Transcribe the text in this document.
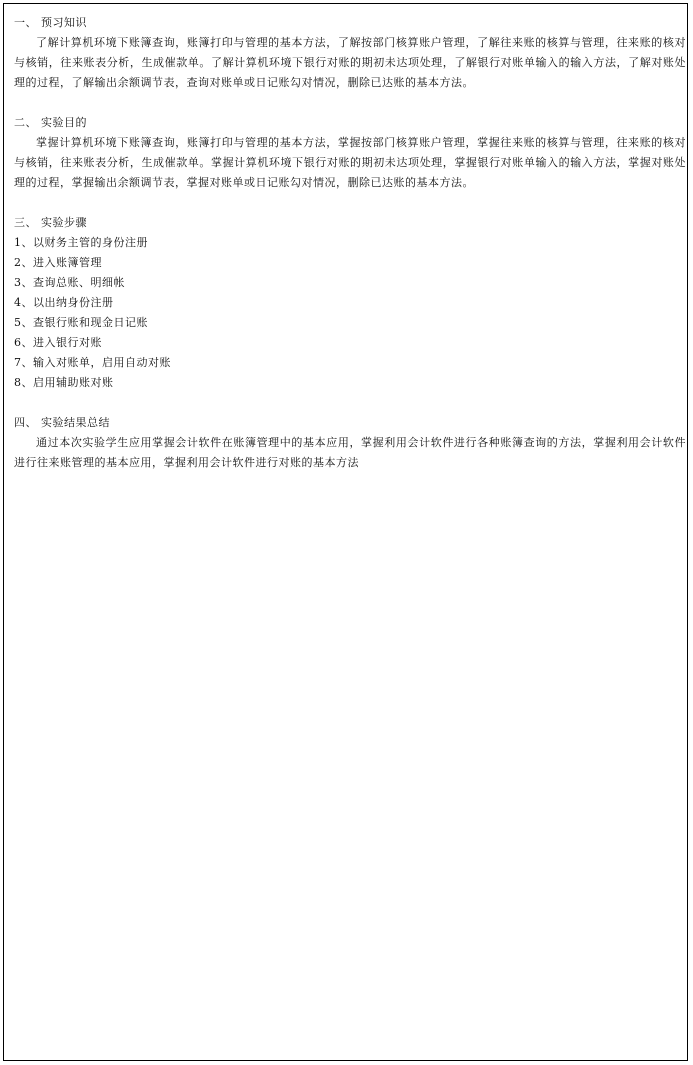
一、 预习知识

了解计算机环境下账簿查询，账簿打印与管理的基本方法，了解按部门核算账户管理，了解往来账的核算与管理，往来账的核对与核销，往来账表分析，生成催款单。了解计算机环境下银行对账的期初未达项处理，了解银行对账单输入的输入方法，了解对账处理的过程，了解输出余额调节表，查询对账单或日记账勾对情况，删除已达账的基本方法。

二、 实验目的

掌握计算机环境下账簿查询，账簿打印与管理的基本方法，掌握按部门核算账户管理，掌握往来账的核算与管理，往来账的核对与核销，往来账表分析，生成催款单。掌握计算机环境下银行对账的期初未达项处理，掌握银行对账单输入的输入方法，掌握对账处理的过程，掌握输出余额调节表，掌握对账单或日记账勾对情况，删除已达账的基本方法。

三、 实验步骤

1、以财务主管的身份注册
2、进入账簿管理
3、查询总账、明细帐
4、以出纳身份注册
5、查银行账和现金日记账
6、进入银行对账
7、输入对账单，启用自动对账
8、启用辅助账对账

四、 实验结果总结

通过本次实验学生应用掌握会计软件在账簿管理中的基本应用，掌握利用会计软件进行各种账簿查询的方法，掌握利用会计软件进行往来账管理的基本应用，掌握利用会计软件进行对账的基本方法
